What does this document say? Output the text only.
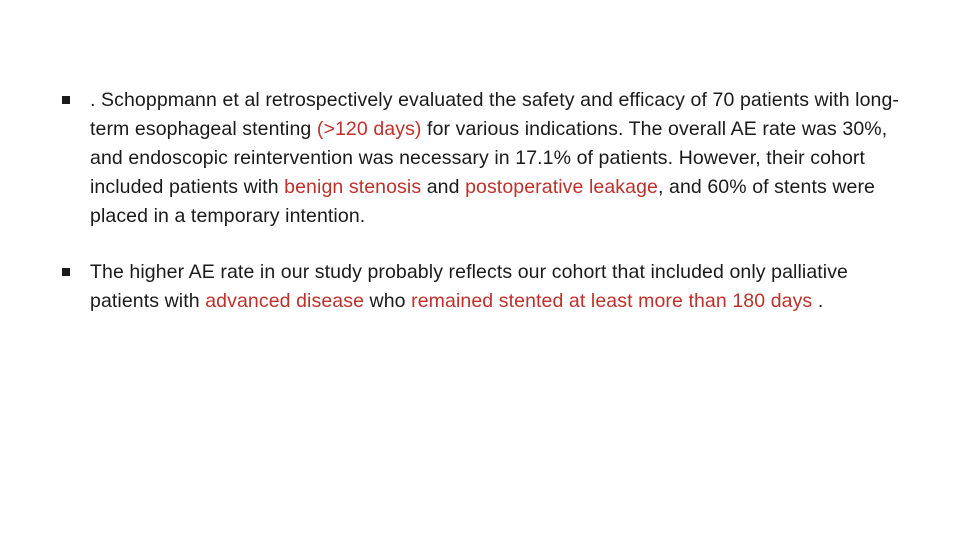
. Schoppmann et al retrospectively evaluated the safety and efficacy of 70 patients with long-term esophageal stenting (>120 days) for various indications. The overall AE rate was 30%, and endoscopic reintervention was necessary in 17.1% of patients. However, their cohort included patients with benign stenosis and postoperative leakage, and 60% of stents were placed in a temporary intention.
The higher AE rate in our study probably reflects our cohort that included only palliative patients with advanced disease who remained stented at least more than 180 days .
